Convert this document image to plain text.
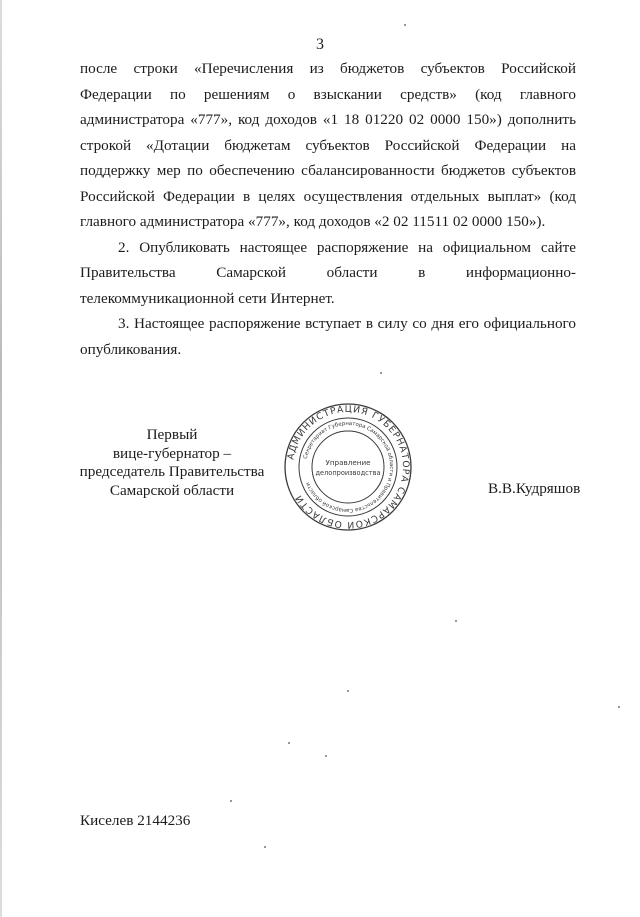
3

после строки «Перечисления из бюджетов субъектов Российской Федерации по решениям о взыскании средств» (код главного администратора «777», код доходов «1 18 01220 02 0000 150») дополнить строкой «Дотации бюджетам субъектов Российской Федерации на поддержку мер по обеспечению сбалансированности бюджетов субъектов Российской Федерации в целях осуществления отдельных выплат» (код главного администратора «777», код доходов «2 02 11511 02 0000 150»).

2. Опубликовать настоящее распоряжение на официальном сайте Правительства Самарской области в информационно-телекоммуникационной сети Интернет.

3. Настоящее распоряжение вступает в силу со дня его официального опубликования.

Первый
вице-губернатор –
председатель Правительства
Самарской области
АДМИНИСТРАЦИЯ ГУБЕРНАТОРА САМАРСКОЙ ОБЛАСТИ
Секретариат Губернатора Самарской области и Правительства Самарской области
Управление
делопроизводства
В.В.Кудряшов
Киселев 2144236
